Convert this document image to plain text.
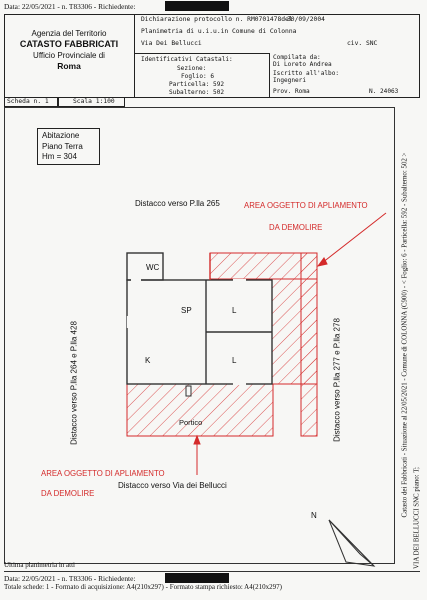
Data: 22/05/2021 - n. T83306 - Richiedente:
Agenzia del Territorio
CATASTO FABBRICATI
Ufficio Provinciale di
Roma
Dichiarazione protocollo n. RM0701478del
30/09/2004
Planimetria di u.i.u.in Comune di Colonna
Via Dei Bellucci	civ. SNC
Identificativi Catastali:
Sezione:
Foglio: 6
Particella: 592
Subalterno: 502
Compilata da:
Di Loreto Andrea
Iscritto all'albo:
Ingegneri
Prov. Roma	N. 24063
Scheda n. 1	Scala 1:100
Abitazione
Piano Terra
Hm = 304
Distacco verso P.lla 265	AREA OGGETTO DI APLIAMENTO
DA DEMOLIRE
AREA OGGETTO DI APLIAMENTO
DA DEMOLIRE
Distacco verso Via dei Bellucci
Distacco verso P.lla 264 e P.lla 428	Distacco verso P.lla 277 e P.lla 278
WC
SP	L
K	L
Portico
N	Catasto dei Fabbricati - Situazione al 22/05/2021 - Comune di COLONNA (C900) - < Foglio: 6 - Particella: 592 - Subalterno: 502 >
VIA DEI BELLUCCI SNC piano: T;
Ultima planimetria in atti
Data: 22/05/2021 - n. T83306 - Richiedente:
Totale schede: 1 - Formato di acquisizione: A4(210x297) - Formato stampa richiesto: A4(210x297)
